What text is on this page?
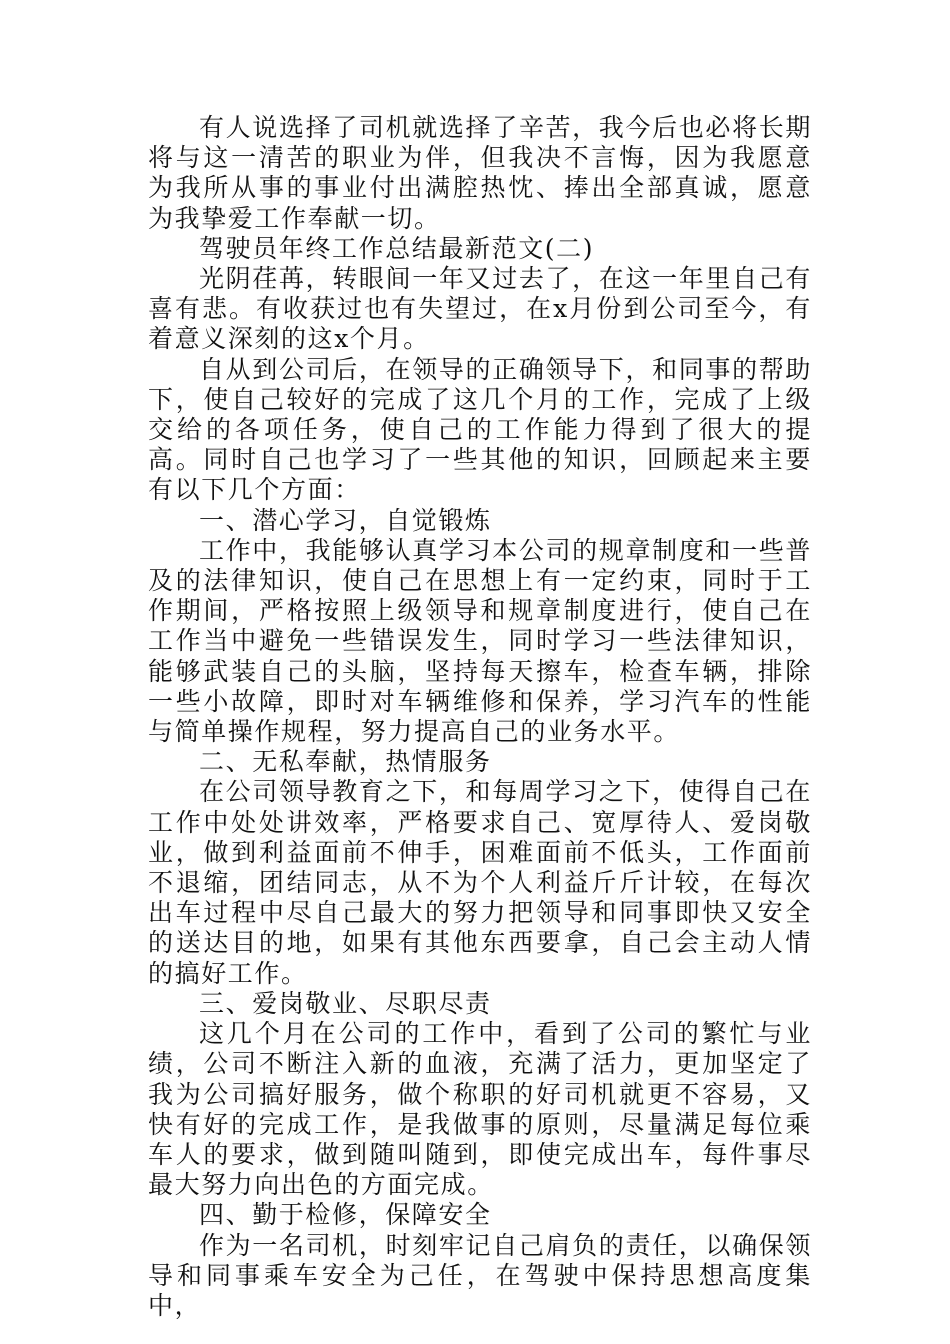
有人说选择了司机就选择了辛苦，我今后也必将长期将与这一清苦的职业为伴，但我决不言悔，因为我愿意为我所从事的事业付出满腔热忱、捧出全部真诚，愿意为我挚爱工作奉献一切。

驾驶员年终工作总结最新范文(二)

光阴荏苒，转眼间一年又过去了，在这一年里自己有喜有悲。有收获过也有失望过，在x月份到公司至今，有着意义深刻的这x个月。

自从到公司后，在领导的正确领导下，和同事的帮助下，使自己较好的完成了这几个月的工作，完成了上级交给的各项任务，使自己的工作能力得到了很大的提高。同时自己也学习了一些其他的知识，回顾起来主要有以下几个方面：

一、潜心学习，自觉锻炼

工作中，我能够认真学习本公司的规章制度和一些普及的法律知识，使自己在思想上有一定约束，同时于工作期间，严格按照上级领导和规章制度进行，使自己在工作当中避免一些错误发生，同时学习一些法律知识，能够武装自己的头脑，坚持每天擦车，检查车辆，排除一些小故障，即时对车辆维修和保养，学习汽车的性能与简单操作规程，努力提高自己的业务水平。

二、无私奉献，热情服务

在公司领导教育之下，和每周学习之下，使得自己在工作中处处讲效率，严格要求自己、宽厚待人、爱岗敬业，做到利益面前不伸手，困难面前不低头，工作面前不退缩，团结同志，从不为个人利益斤斤计较，在每次出车过程中尽自己最大的努力把领导和同事即快又安全的送达目的地，如果有其他东西要拿，自己会主动人情的搞好工作。

三、爱岗敬业、尽职尽责

这几个月在公司的工作中，看到了公司的繁忙与业绩，公司不断注入新的血液，充满了活力，更加坚定了我为公司搞好服务，做个称职的好司机就更不容易，又快有好的完成工作，是我做事的原则，尽量满足每位乘车人的要求，做到随叫随到，即使完成出车，每件事尽最大努力向出色的方面完成。

四、勤于检修，保障安全

作为一名司机，时刻牢记自己肩负的责任，以确保领导和同事乘车安全为己任，在驾驶中保持思想高度集中，
